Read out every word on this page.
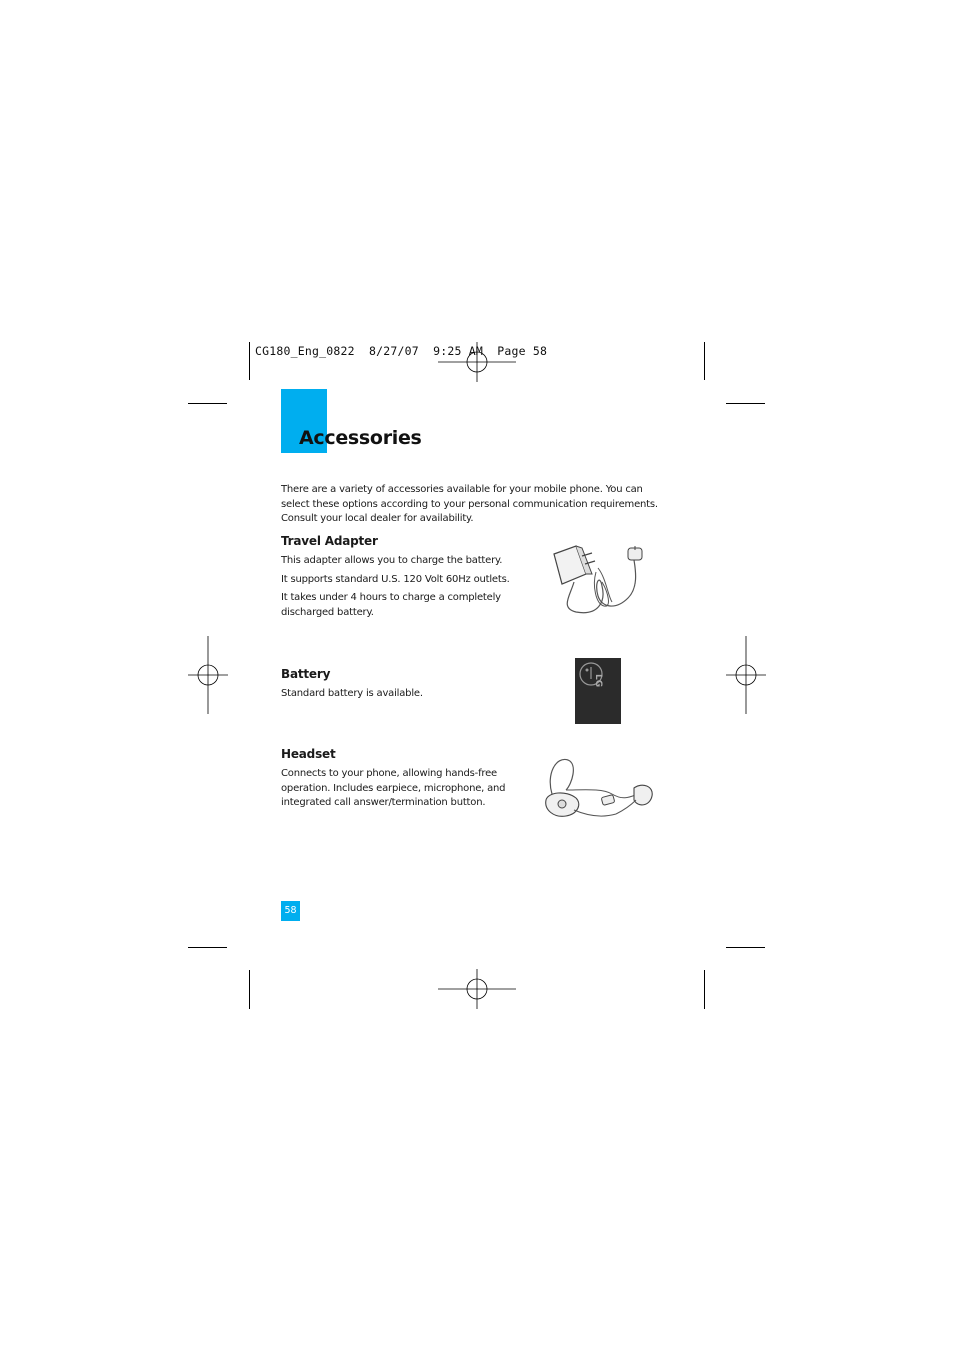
CG180_Eng_0822 8/27/07 9:25 AM Page 58
Accessories
There are a variety of accessories available for your mobile phone. You can select these options according to your personal communication requirements. Consult your local dealer for availability.
Travel Adapter
This adapter allows you to charge the battery.
It supports standard U.S. 120 Volt 60Hz outlets.
It takes under 4 hours to charge a completely discharged battery.
Battery
Standard battery is available.
LG
Headset
Connects to your phone, allowing hands-free operation. Includes earpiece, microphone, and integrated call answer/termination button.
58
